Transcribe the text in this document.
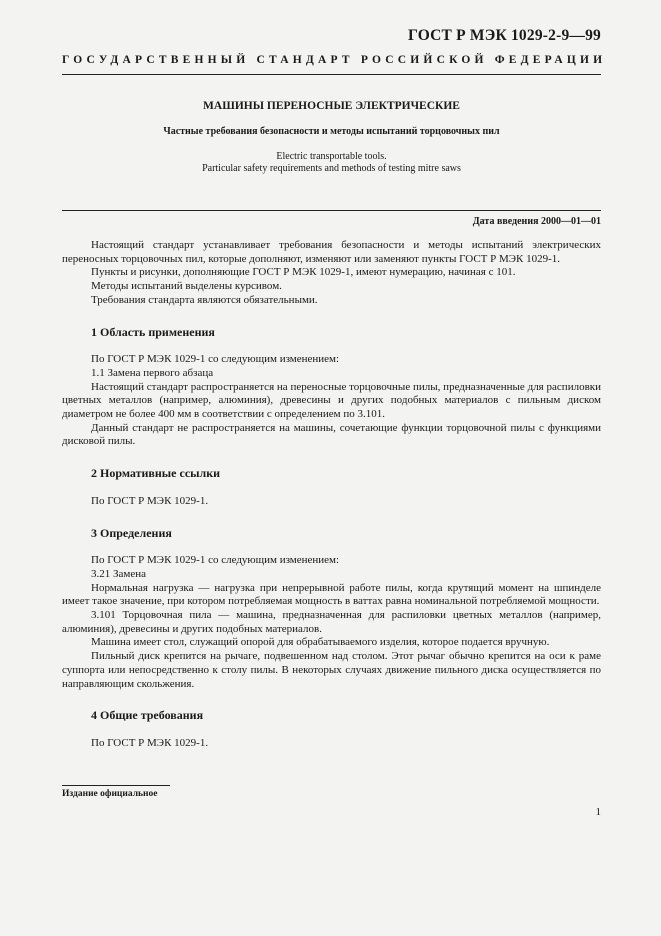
ГОСТ Р МЭК 1029-2-9—99
ГОСУДАРСТВЕННЫЙ СТАНДАРТ РОССИЙСКОЙ ФЕДЕРАЦИИ
МАШИНЫ ПЕРЕНОСНЫЕ ЭЛЕКТРИЧЕСКИЕ
Частные требования безопасности и методы испытаний торцовочных пил
Electric transportable tools.
Particular safety requirements and methods of testing mitre saws
Дата введения 2000—01—01

Настоящий стандарт устанавливает требования безопасности и методы испытаний электрических переносных торцовочных пил, которые дополняют, изменяют или заменяют пункты ГОСТ Р МЭК 1029-1.

Пункты и рисунки, дополняющие ГОСТ Р МЭК 1029-1, имеют нумерацию, начиная с 101.

Методы испытаний выделены курсивом.

Требования стандарта являются обязательными.

1 Область применения

По ГОСТ Р МЭК 1029-1 со следующим изменением:

1.1 Замена первого абзаца

Настоящий стандарт распространяется на переносные торцовочные пилы, предназначенные для распиловки цветных металлов (например, алюминия), древесины и других подобных материалов с пильным диском диаметром не более 400 мм в соответствии с определением по 3.101.

Данный стандарт не распространяется на машины, сочетающие функции торцовочной пилы с функциями дисковой пилы.

2 Нормативные ссылки

По ГОСТ Р МЭК 1029-1.

3 Определения

По ГОСТ Р МЭК 1029-1 со следующим изменением:

3.21 Замена

Нормальная нагрузка — нагрузка при непрерывной работе пилы, когда крутящий момент на шпинделе имеет такое значение, при котором потребляемая мощность в ваттах равна номинальной потребляемой мощности.

3.101 Торцовочная пила — машина, предназначенная для распиловки цветных металлов (например, алюминия), древесины и других подобных материалов.

Машина имеет стол, служащий опорой для обрабатываемого изделия, которое подается вручную.

Пильный диск крепится на рычаге, подвешенном над столом. Этот рычаг обычно крепится на оси к раме суппорта или непосредственно к столу пилы. В некоторых случаях движение пильного диска осуществляется по направляющим скольжения.

4 Общие требования

По ГОСТ Р МЭК 1029-1.

Издание официальное
1
